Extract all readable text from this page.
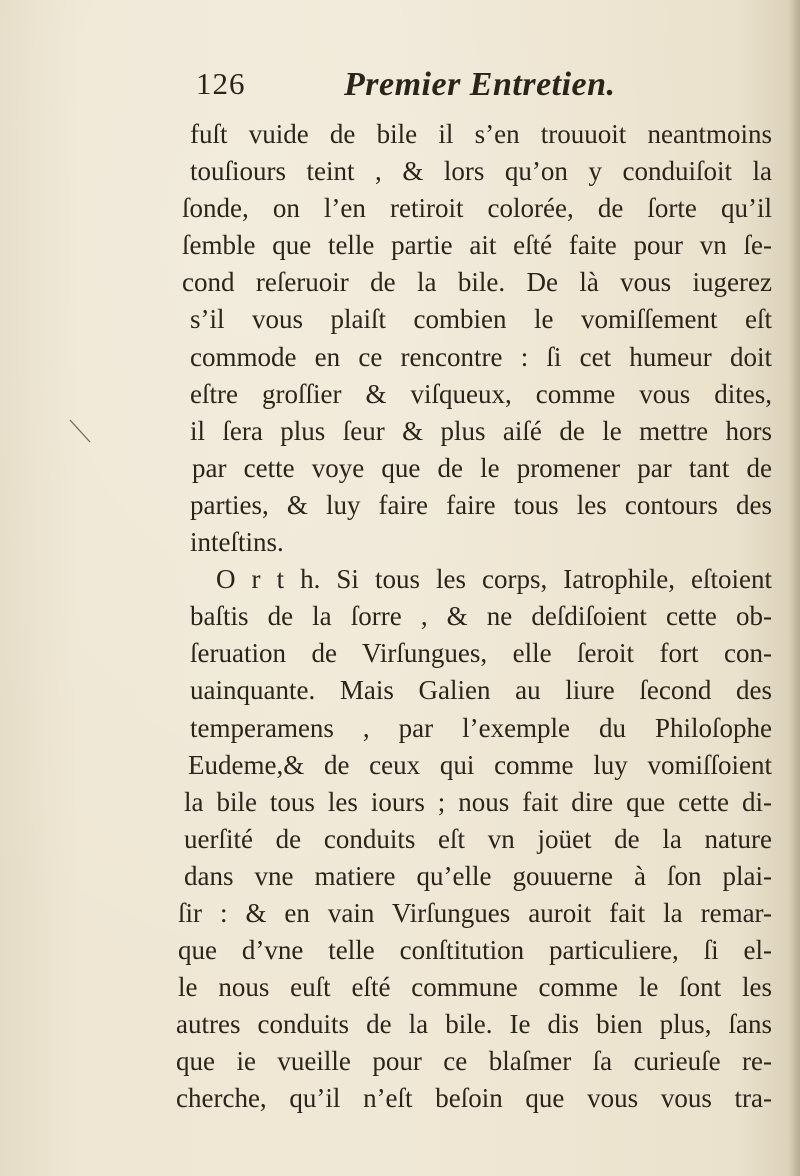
126	Premier Entretien.
fuſt vuide de bile il s’en trouuoit neantmoins
touſiours teint , & lors qu’on y conduiſoit la
ſonde, on l’en retiroit colorée, de ſorte qu’il
ſemble que telle partie ait eſté faite pour vn ſe-
cond reſeruoir de la bile. De là vous iugerez
s’il vous plaiſt combien le vomiſſement eſt
commode en ce rencontre : ſi cet humeur doit
eſtre groſſier & viſqueux, comme vous dites,
il ſera plus ſeur & plus aiſé de le mettre hors
par cette voye que de le promener par tant de
parties, & luy faire faire tous les contours des
inteſtins.
O r t h. Si tous les corps, Iatrophile, eſtoient
baſtis de la ſorre , & ne deſdiſoient cette ob-
ſeruation de Virſungues, elle ſeroit fort con-
uainquante. Mais Galien au liure ſecond des
temperamens , par l’exemple du Philoſophe
Eudeme,& de ceux qui comme luy vomiſſoient
la bile tous les iours ; nous fait dire que cette di-
uerſité de conduits eſt vn joüet de la nature
dans vne matiere qu’elle gouuerne à ſon plai-
ſir : & en vain Virſungues auroit fait la remar-
que d’vne telle conſtitution particuliere, ſi el-
le nous euſt eſté commune comme le ſont les
autres conduits de la bile. Ie dis bien plus, ſans
que ie vueille pour ce blaſmer ſa curieuſe re-
cherche, qu’il n’eſt beſoin que vous vous tra-
